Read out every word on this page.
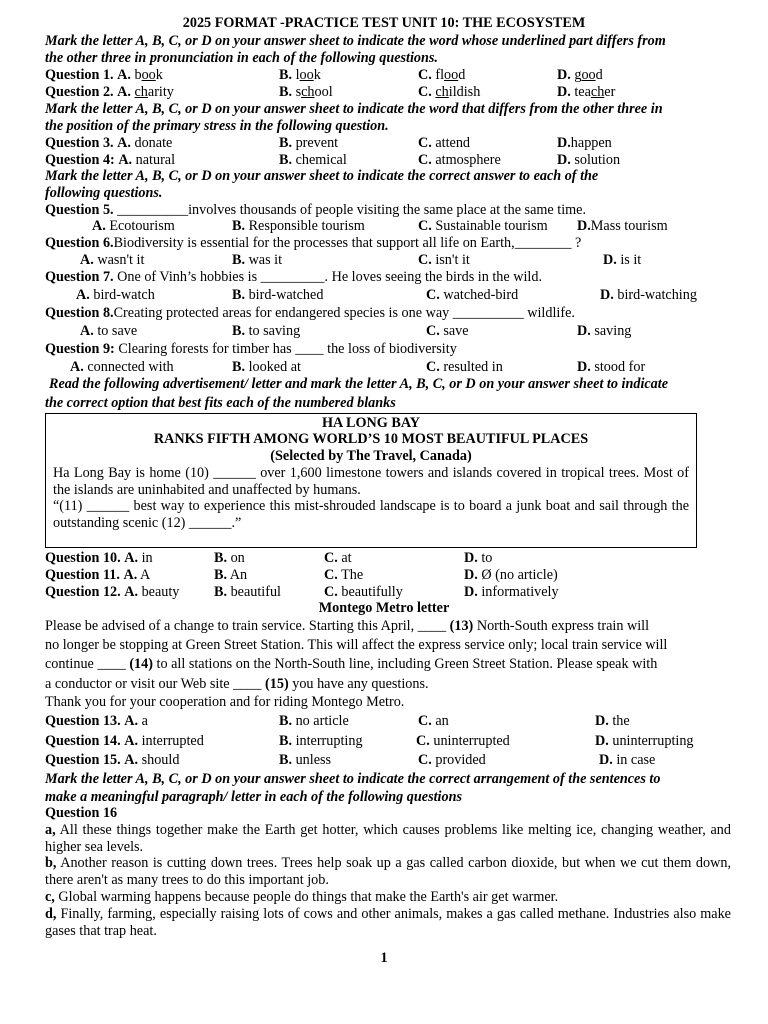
2025 FORMAT -PRACTICE TEST UNIT 10: THE ECOSYSTEM
Mark the letter A, B, C, or D on your answer sheet to indicate the word whose underlined part differs from
the other three in pronunciation in each of the following questions.
Question 1. A. book	B. look	C. flood	D. good
Question 2. A. charity	B. school	C. childish	D. teacher
Mark the letter A, B, C, or D on your answer sheet to indicate the word that differs from the other three in
the position of the primary stress in the following question.
Question 3. A. donate	B. prevent	C. attend	D.happen
Question 4: A. natural	B. chemical	C. atmosphere	D. solution
Mark the letter A, B, C, or D on your answer sheet to indicate the correct answer to each of the
following questions.
Question 5. __________involves thousands of people visiting the same place at the same time.
A. Ecotourism	B. Responsible tourism	C. Sustainable tourism D.Mass tourism
Question 6.Biodiversity is essential for the processes that support all life on Earth,________ ?
A. wasn't it	B. was it	C. isn't it	D. is it
Question 7. One of Vinh’s hobbies is _________. He loves seeing the birds in the wild.
A. bird-watch	B. bird-watched	C. watched-bird	D. bird-watching
Question 8.Creating protected areas for endangered species is one way __________ wildlife.
A. to save	B. to saving	C. save	D. saving
Question 9: Clearing forests for timber has ____ the loss of biodiversity
A. connected with	B. looked at	C. resulted in	D. stood for
Read the following advertisement/ letter and mark the letter A, B, C, or D on your answer sheet to indicate
the correct option that best fits each of the numbered blanks
HA LONG BAY
RANKS FIFTH AMONG WORLD’S 10 MOST BEAUTIFUL PLACES
(Selected by The Travel, Canada)
Ha Long Bay is home (10) ______ over 1,600 limestone towers and islands covered in tropical trees. Most of the islands are uninhabited and unaffected by humans.
“(11) ______ best way to experience this mist-shrouded landscape is to board a junk boat and sail through the outstanding scenic (12) ______.”
Question 10. A. in	B. on	C. at	D. to
Question 11. A. A	B. An	C. The	D. Ø (no article)
Question 12. A. beauty B. beautiful	C. beautifully	D. informatively
Montego Metro letter
Please be advised of a change to train service. Starting this April, ____ (13) North-South express train will
no longer be stopping at Green Street Station. This will affect the express service only; local train service will
continue ____ (14) to all stations on the North-South line, including Green Street Station. Please speak with
a conductor or visit our Web site ____ (15) you have any questions.
Thank you for your cooperation and for riding Montego Metro.
Question 13. A. a	B. no article	C. an	D. the
Question 14. A. interrupted	B. interrupting	C. uninterrupted	D. uninterrupting
Question 15. A. should	B. unless	C. provided	D. in case
Mark the letter A, B, C, or D on your answer sheet to indicate the correct arrangement of the sentences to
make a meaningful paragraph/ letter in each of the following questions
Question 16
a, All these things together make the Earth get hotter, which causes problems like melting ice, changing weather, and higher sea levels.
b, Another reason is cutting down trees. Trees help soak up a gas called carbon dioxide, but when we cut them down, there aren't as many trees to do this important job.
c, Global warming happens because people do things that make the Earth's air get warmer.
d, Finally, farming, especially raising lots of cows and other animals, makes a gas called methane. Industries also make gases that trap heat.
1
